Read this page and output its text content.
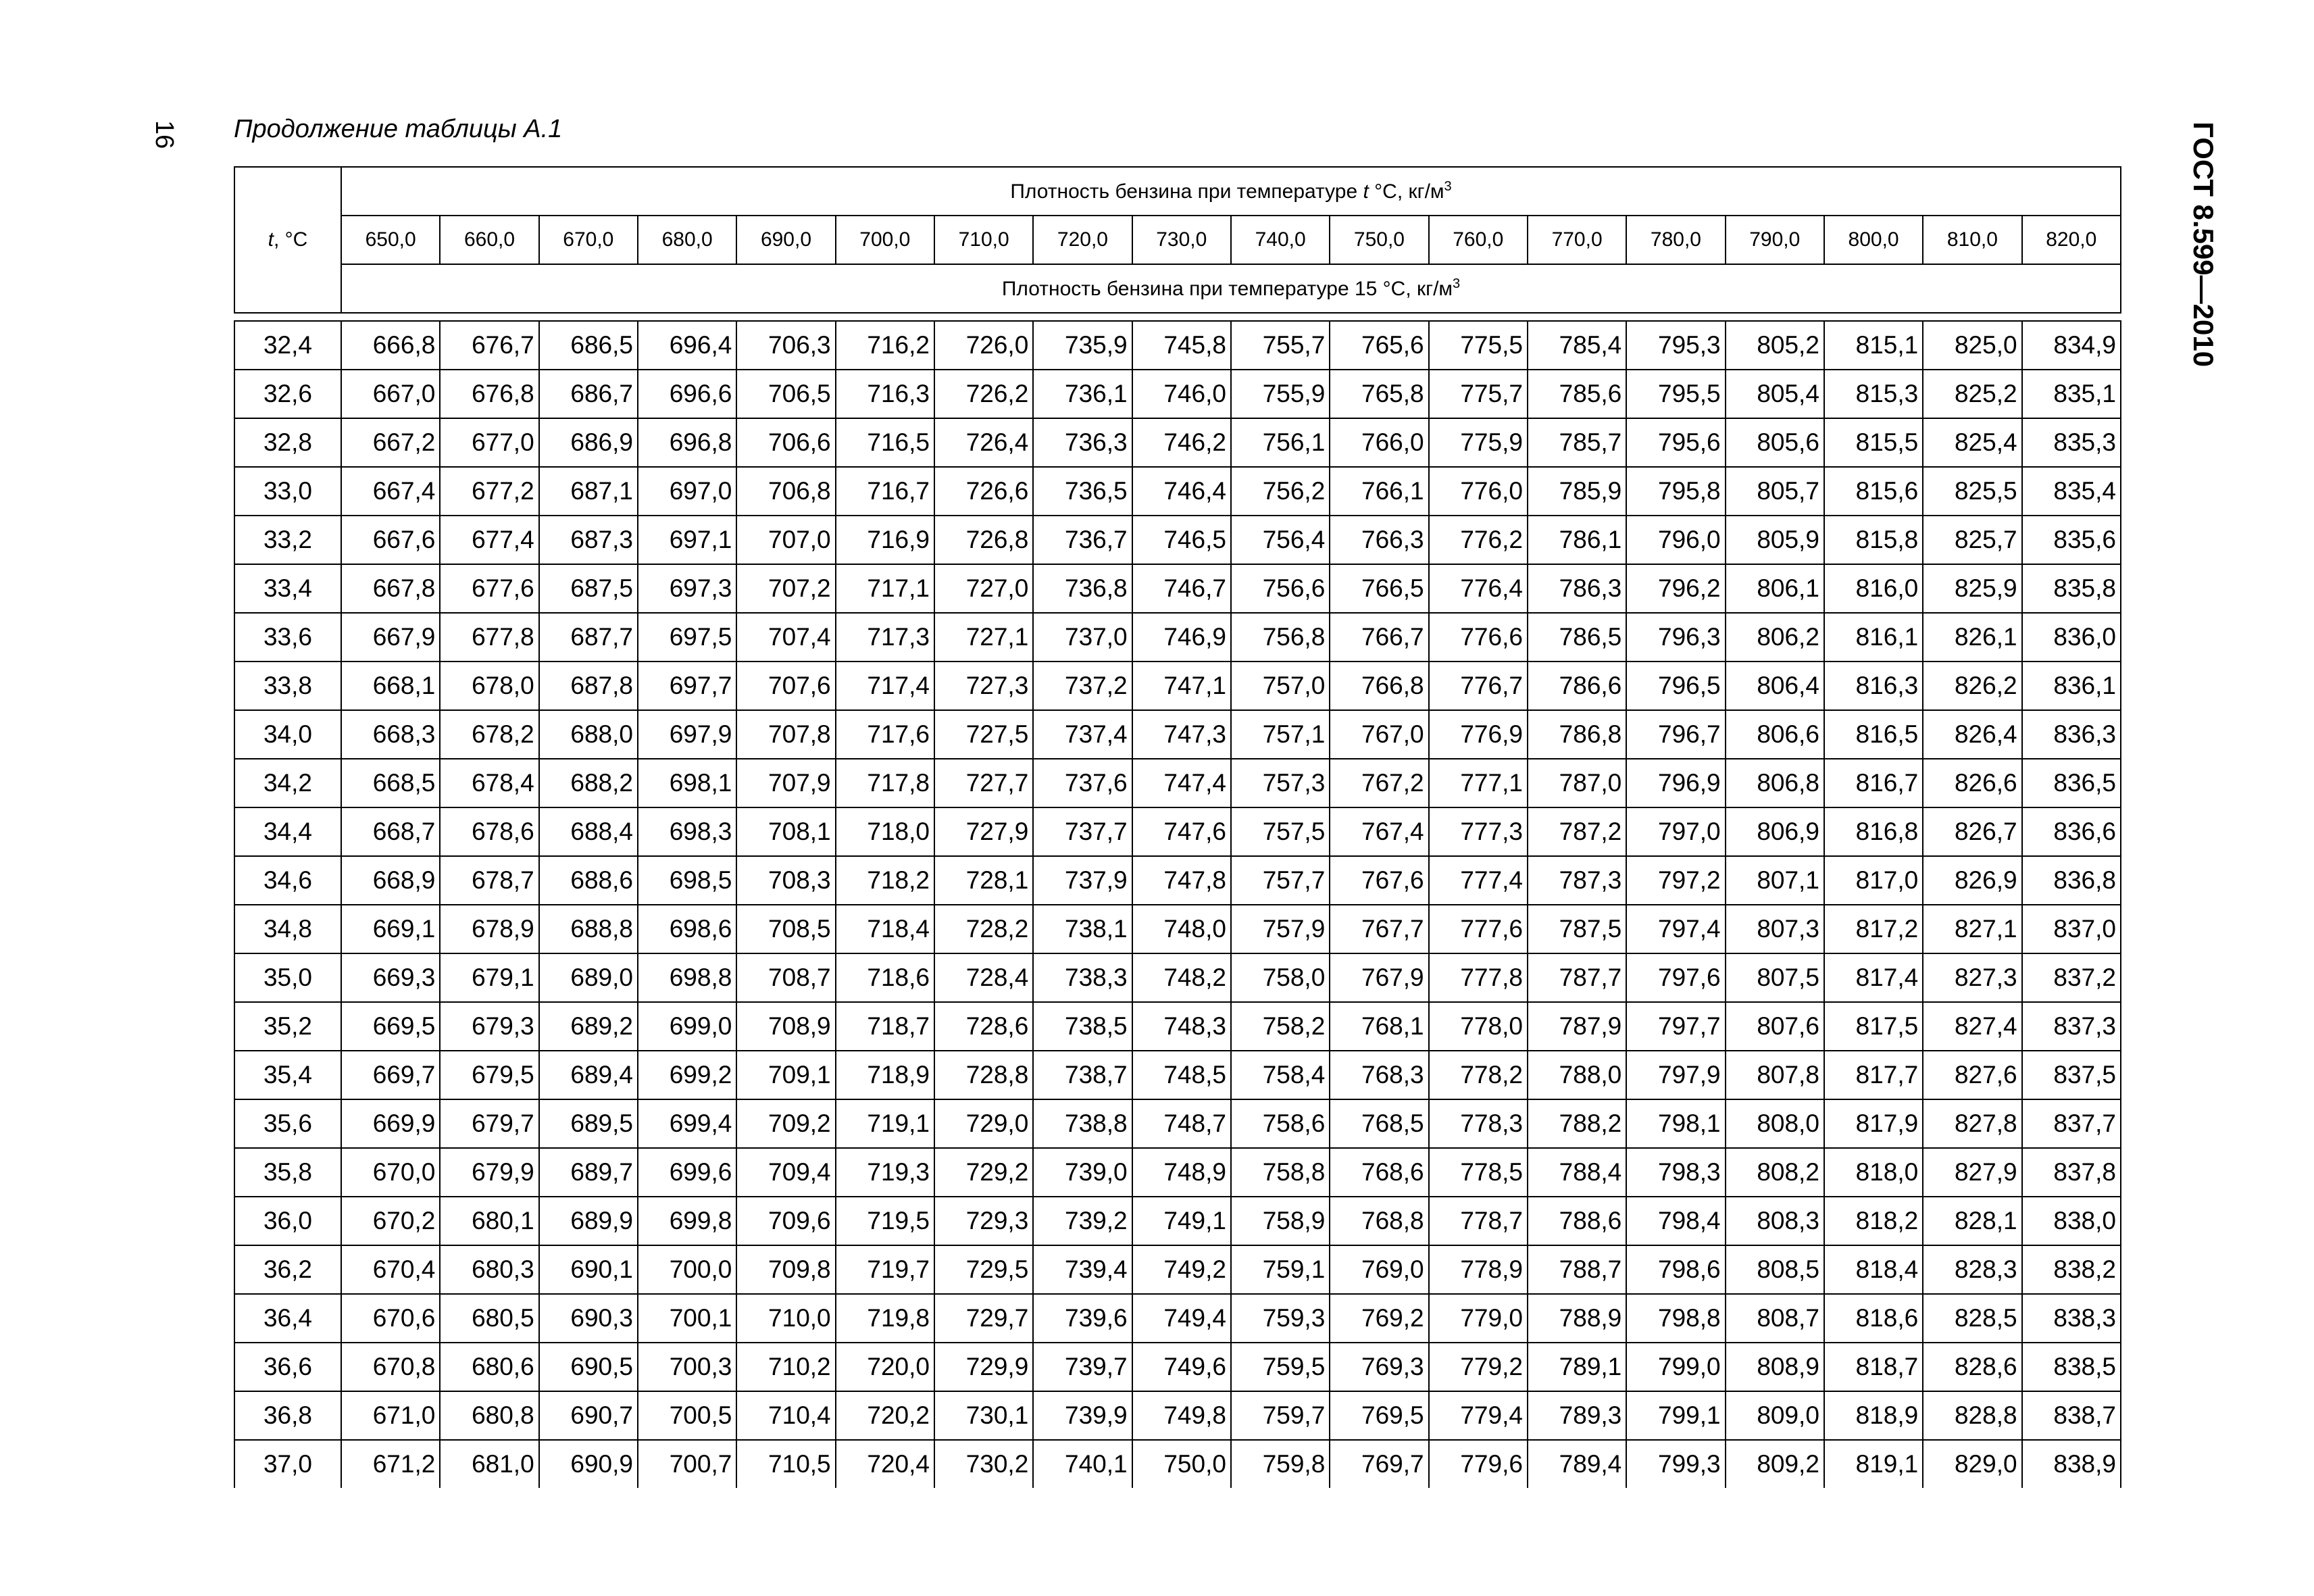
16 Продолжение таблицы А.1	ГОСТ 8.599—2010
t, °C	Плотность бензина при температуре t °C, $кг/м^3$
	650,0	660,0	670,0	680,0	690,0	700,0	710,0	720,0	730,0	740,0	750,0	760,0	770,0	780,0	790,0	800,0	810,0	820,0
	Плотность бензина при температуре 15 °С, $кг/м^3$

32,4	666,8	676,7	686,5	696,4	706,3	716,2	726,0	735,9	745,8	755,7	765,6	775,5	785,4	795,3	805,2	815,1	825,0	834,9
32,6	667,0	676,8	686,7	696,6	706,5	716,3	726,2	736,1	746,0	755,9	765,8	775,7	785,6	795,5	805,4	815,3	825,2	835,1
32,8	667,2	677,0	686,9	696,8	706,6	716,5	726,4	736,3	746,2	756,1	766,0	775,9	785,7	795,6	805,6	815,5	825,4	835,3
33,0	667,4	677,2	687,1	697,0	706,8	716,7	726,6	736,5	746,4	756,2	766,1	776,0	785,9	795,8	805,7	815,6	825,5	835,4
33,2	667,6	677,4	687,3	697,1	707,0	716,9	726,8	736,7	746,5	756,4	766,3	776,2	786,1	796,0	805,9	815,8	825,7	835,6
33,4	667,8	677,6	687,5	697,3	707,2	717,1	727,0	736,8	746,7	756,6	766,5	776,4	786,3	796,2	806,1	816,0	825,9	835,8
33,6	667,9	677,8	687,7	697,5	707,4	717,3	727,1	737,0	746,9	756,8	766,7	776,6	786,5	796,3	806,2	816,1	826,1	836,0
33,8	668,1	678,0	687,8	697,7	707,6	717,4	727,3	737,2	747,1	757,0	766,8	776,7	786,6	796,5	806,4	816,3	826,2	836,1
34,0	668,3	678,2	688,0	697,9	707,8	717,6	727,5	737,4	747,3	757,1	767,0	776,9	786,8	796,7	806,6	816,5	826,4	836,3
34,2	668,5	678,4	688,2	698,1	707,9	717,8	727,7	737,6	747,4	757,3	767,2	777,1	787,0	796,9	806,8	816,7	826,6	836,5
34,4	668,7	678,6	688,4	698,3	708,1	718,0	727,9	737,7	747,6	757,5	767,4	777,3	787,2	797,0	806,9	816,8	826,7	836,6
34,6	668,9	678,7	688,6	698,5	708,3	718,2	728,1	737,9	747,8	757,7	767,6	777,4	787,3	797,2	807,1	817,0	826,9	836,8
34,8	669,1	678,9	688,8	698,6	708,5	718,4	728,2	738,1	748,0	757,9	767,7	777,6	787,5	797,4	807,3	817,2	827,1	837,0
35,0	669,3	679,1	689,0	698,8	708,7	718,6	728,4	738,3	748,2	758,0	767,9	777,8	787,7	797,6	807,5	817,4	827,3	837,2
35,2	669,5	679,3	689,2	699,0	708,9	718,7	728,6	738,5	748,3	758,2	768,1	778,0	787,9	797,7	807,6	817,5	827,4	837,3
35,4	669,7	679,5	689,4	699,2	709,1	718,9	728,8	738,7	748,5	758,4	768,3	778,2	788,0	797,9	807,8	817,7	827,6	837,5
35,6	669,9	679,7	689,5	699,4	709,2	719,1	729,0	738,8	748,7	758,6	768,5	778,3	788,2	798,1	808,0	817,9	827,8	837,7
35,8	670,0	679,9	689,7	699,6	709,4	719,3	729,2	739,0	748,9	758,8	768,6	778,5	788,4	798,3	808,2	818,0	827,9	837,8
36,0	670,2	680,1	689,9	699,8	709,6	719,5	729,3	739,2	749,1	758,9	768,8	778,7	788,6	798,4	808,3	818,2	828,1	838,0
36,2	670,4	680,3	690,1	700,0	709,8	719,7	729,5	739,4	749,2	759,1	769,0	778,9	788,7	798,6	808,5	818,4	828,3	838,2
36,4	670,6	680,5	690,3	700,1	710,0	719,8	729,7	739,6	749,4	759,3	769,2	779,0	788,9	798,8	808,7	818,6	828,5	838,3
36,6	670,8	680,6	690,5	700,3	710,2	720,0	729,9	739,7	749,6	759,5	769,3	779,2	789,1	799,0	808,9	818,7	828,6	838,5
36,8	671,0	680,8	690,7	700,5	710,4	720,2	730,1	739,9	749,8	759,7	769,5	779,4	789,3	799,1	809,0	818,9	828,8	838,7
37,0	671,2	681,0	690,9	700,7	710,5	720,4	730,2	740,1	750,0	759,8	769,7	779,6	789,4	799,3	809,2	819,1	829,0	838,9
